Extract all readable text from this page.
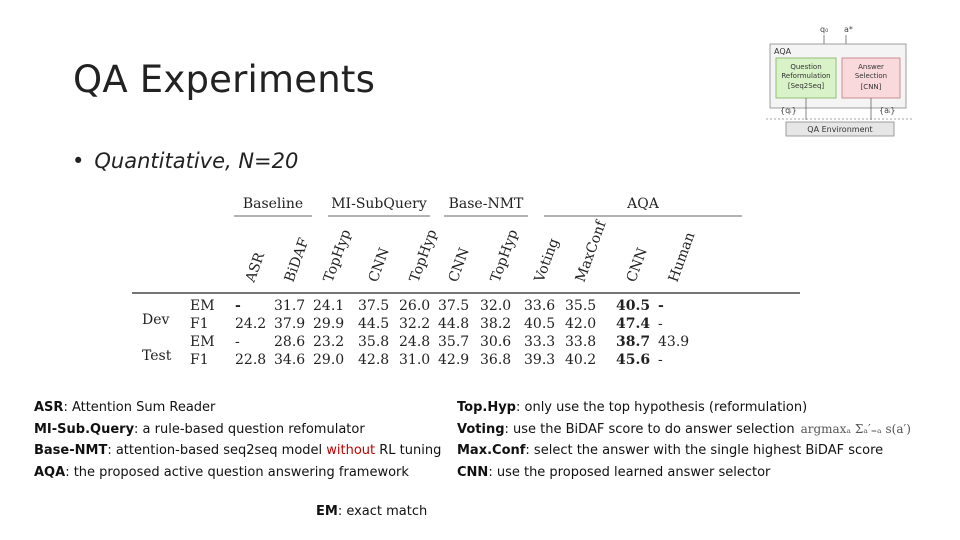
QA Experiments
• Quantitative, N=20
q₀ a*
AQA
Question
Reformulation
[Seq2Seq]
Answer
Selection
[CNN]
{qᵢ}	{aᵢ}
QA Environment
Baseline MI-SubQuery Base-NMT	AQA
ASR BiDAF TopHyp CNN TopHyp CNN TopHyp Voting MaxConf CNN Human
Dev
EM - 31.7 24.1 37.5 26.0 37.5 32.0 33.6 35.5 40.5 -
F1 24.2 37.9 29.9 44.5 32.2 44.8 38.2 40.5 42.0 47.4 -
Test
EM - 28.6 23.2 35.8 24.8 35.7 30.6 33.3 33.8 38.7 43.9
F1 22.8 34.6 29.0 42.8 31.0 42.9 36.8 39.3 40.2 45.6 -
ASR: Attention Sum Reader
MI-Sub.Query: a rule-based question refomulator
Base-NMT: attention-based seq2seq model without RL tuning
AQA: the proposed active question answering framework
Top.Hyp: only use the top hypothesis (reformulation)
Voting: use the BiDAF score to do answer selection argmaxₐ Σₐ′₌ₐ s(a′)
Max.Conf: select the answer with the single highest BiDAF score
CNN: use the proposed learned answer selector
EM: exact match
